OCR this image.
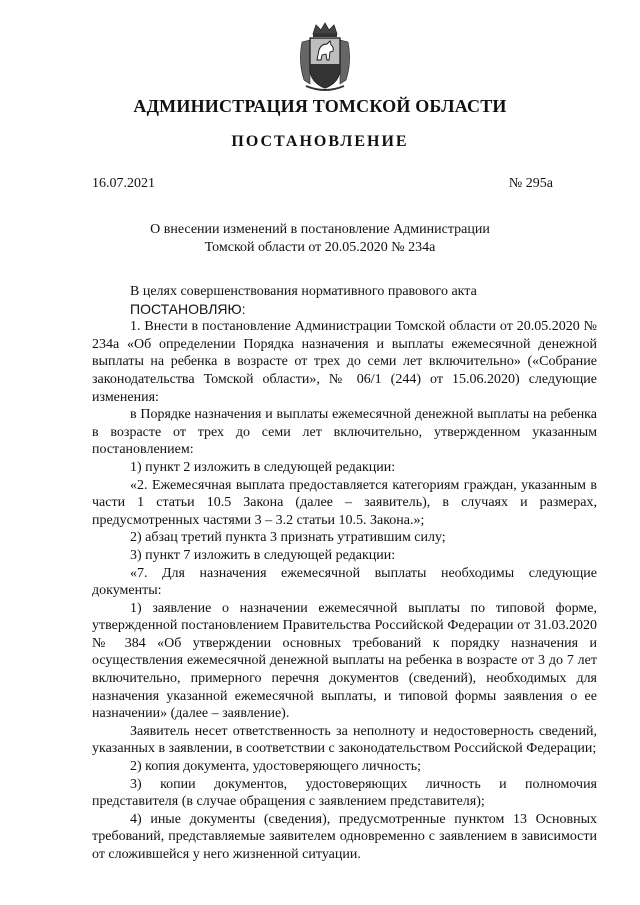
АДМИНИСТРАЦИЯ ТОМСКОЙ ОБЛАСТИ
ПОСТАНОВЛЕНИЕ
16.07.2021	№ 295а
О внесении изменений в постановление Администрации
Томской области от 20.05.2020 № 234а

В целях совершенствования нормативного правового акта

ПОСТАНОВЛЯЮ:

1. Внести в постановление Администрации Томской области от 20.05.2020 № 234а «Об определении Порядка назначения и выплаты ежемесячной денежной выплаты на ребенка в возрасте от трех до семи лет включительно» («Собрание законодательства Томской области», № 06/1 (244) от 15.06.2020) следующие изменения:

в Порядке назначения и выплаты ежемесячной денежной выплаты на ребенка в возрасте от трех до семи лет включительно, утвержденном указанным постановлением:

1) пункт 2 изложить в следующей редакции:

«2. Ежемесячная выплата предоставляется категориям граждан, указанным в части 1 статьи 10.5 Закона (далее – заявитель), в случаях и размерах, предусмотренных частями 3 – 3.2 статьи 10.5. Закона.»;

2) абзац третий пункта 3 признать утратившим силу;

3) пункт 7 изложить в следующей редакции:

«7. Для назначения ежемесячной выплаты необходимы следующие документы:

1) заявление о назначении ежемесячной выплаты по типовой форме, утвержденной постановлением Правительства Российской Федерации от 31.03.2020 № 384 «Об утверждении основных требований к порядку назначения и осуществления ежемесячной денежной выплаты на ребенка в возрасте от 3 до 7 лет включительно, примерного перечня документов (сведений), необходимых для назначения указанной ежемесячной выплаты, и типовой формы заявления о ее назначении» (далее – заявление).

Заявитель несет ответственность за неполноту и недостоверность сведений, указанных в заявлении, в соответствии с законодательством Российской Федерации;

2) копия документа, удостоверяющего личность;

3) копии документов, удостоверяющих личность и полномочия представителя (в случае обращения с заявлением представителя);

4) иные документы (сведения), предусмотренные пунктом 13 Основных требований, представляемые заявителем одновременно с заявлением в зависимости от сложившейся у него жизненной ситуации.
